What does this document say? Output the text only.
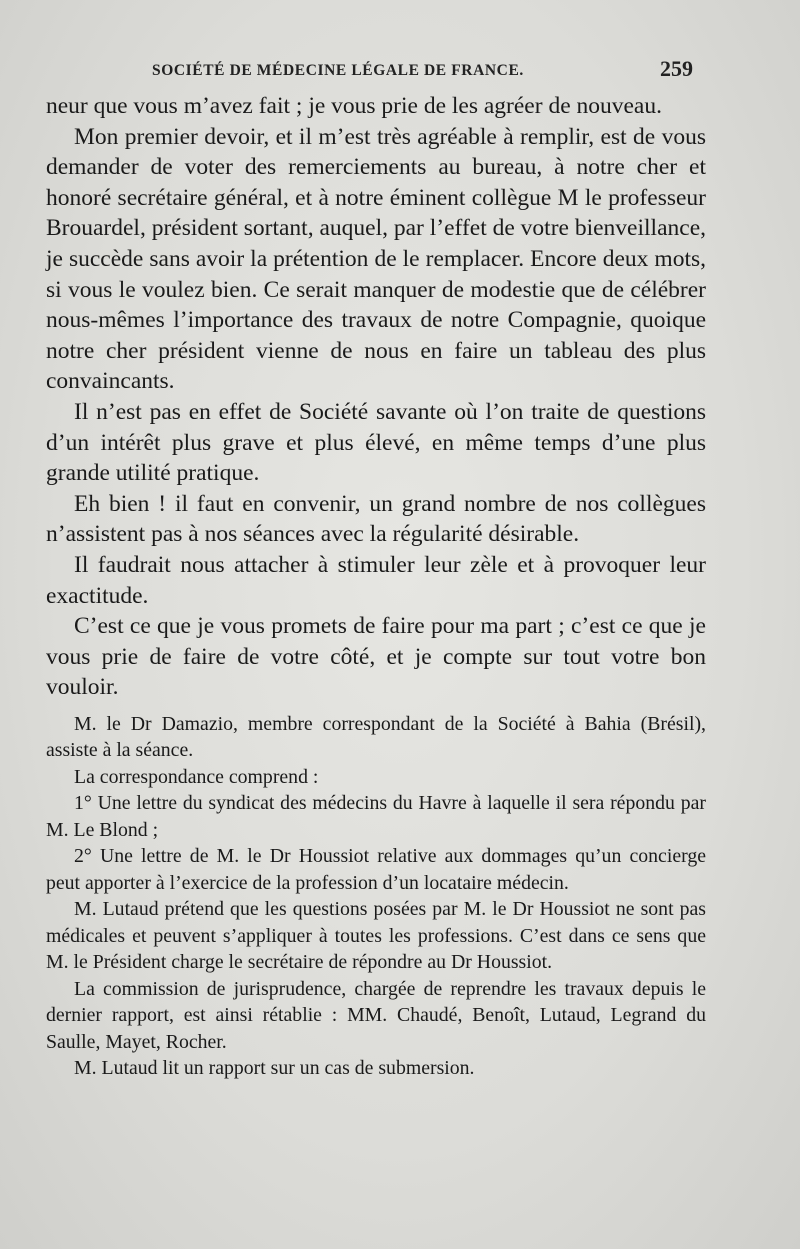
SOCIÉTÉ DE MÉDECINE LÉGALE DE FRANCE.	259

neur que vous m’avez fait ; je vous prie de les agréer de nouveau.

Mon premier devoir, et il m’est très agréable à remplir, est de vous demander de voter des remerciements au bureau, à notre cher et honoré secrétaire général, et à notre éminent collègue M le professeur Brouardel, président sortant, auquel, par l’effet de votre bienveillance, je succède sans avoir la prétention de le remplacer. Encore deux mots, si vous le voulez bien. Ce serait manquer de modestie que de célébrer nous-mêmes l’importance des travaux de notre Compagnie, quoique notre cher président vienne de nous en faire un tableau des plus convaincants.

Il n’est pas en effet de Société savante où l’on traite de questions d’un intérêt plus grave et plus élevé, en même temps d’une plus grande utilité pratique.

Eh bien ! il faut en convenir, un grand nombre de nos collègues n’assistent pas à nos séances avec la régularité désirable.

Il faudrait nous attacher à stimuler leur zèle et à provoquer leur exactitude.

C’est ce que je vous promets de faire pour ma part ; c’est ce que je vous prie de faire de votre côté, et je compte sur tout votre bon vouloir.

M. le Dr Damazio, membre correspondant de la Société à Bahia (Brésil), assiste à la séance.

La correspondance comprend :

1° Une lettre du syndicat des médecins du Havre à laquelle il sera répondu par M. Le Blond ;

2° Une lettre de M. le Dr Houssiot relative aux dommages qu’un concierge peut apporter à l’exercice de la profession d’un locataire médecin.

M. Lutaud prétend que les questions posées par M. le Dr Houssiot ne sont pas médicales et peuvent s’appliquer à toutes les professions. C’est dans ce sens que M. le Président charge le secrétaire de répondre au Dr Houssiot.

La commission de jurisprudence, chargée de reprendre les travaux depuis le dernier rapport, est ainsi rétablie : MM. Chaudé, Benoît, Lutaud, Legrand du Saulle, Mayet, Rocher.

M. Lutaud lit un rapport sur un cas de submersion.
